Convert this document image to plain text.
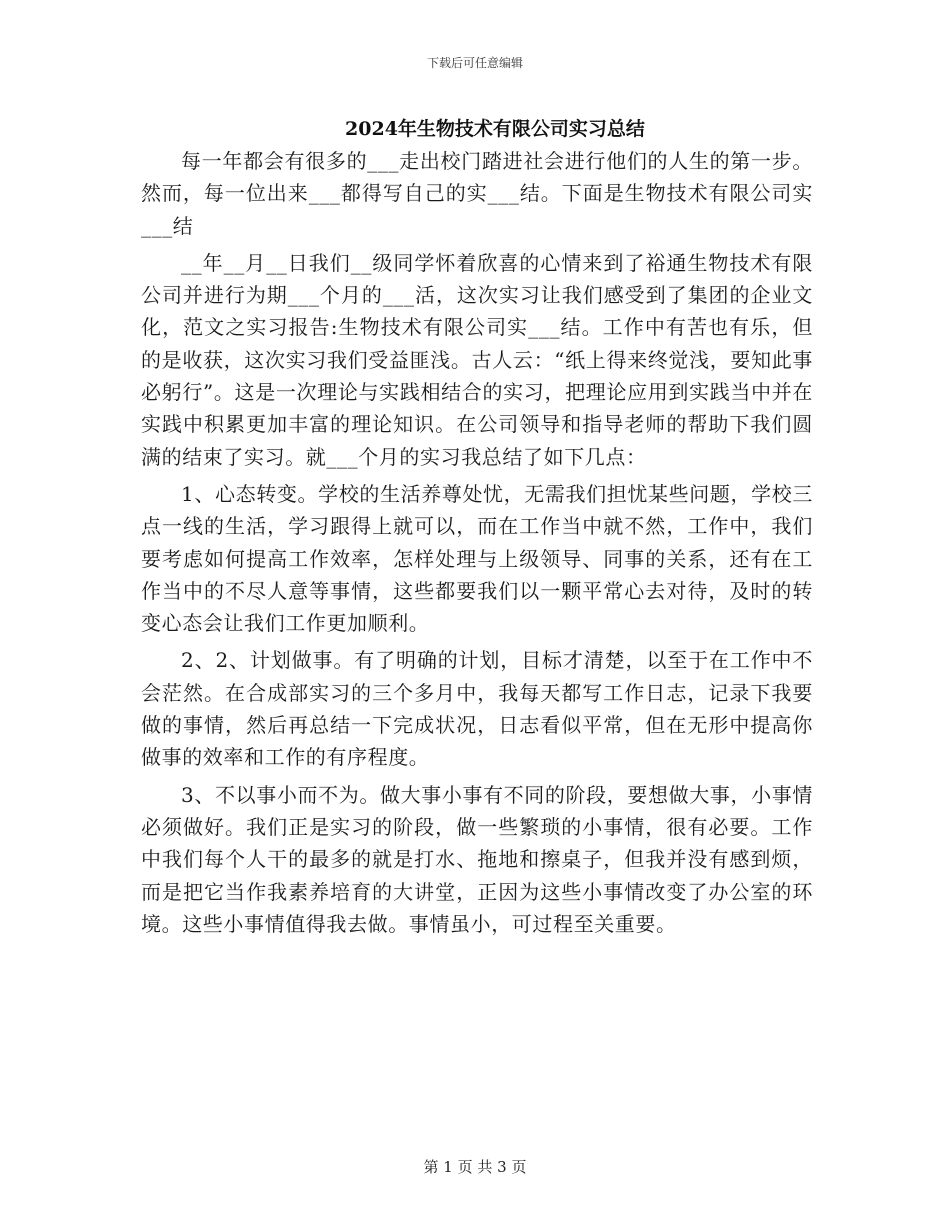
下载后可任意编辑
2024年生物技术有限公司实习总结

每一年都会有很多的___走出校门踏进社会进行他们的人生的第一步。然而，每一位出来___都得写自己的实___结。下面是生物技术有限公司实___结

__年__月__日我们__级同学怀着欣喜的心情来到了裕通生物技术有限公司并进行为期___个月的___活，这次实习让我们感受到了集团的企业文化，范文之实习报告:生物技术有限公司实___结。工作中有苦也有乐，但的是收获，这次实习我们受益匪浅。古人云：“纸上得来终觉浅，要知此事必躬行”。这是一次理论与实践相结合的实习，把理论应用到实践当中并在实践中积累更加丰富的理论知识。在公司领导和指导老师的帮助下我们圆满的结束了实习。就___个月的实习我总结了如下几点：

1、心态转变。学校的生活养尊处忧，无需我们担忧某些问题，学校三点一线的生活，学习跟得上就可以，而在工作当中就不然，工作中，我们要考虑如何提高工作效率，怎样处理与上级领导、同事的关系，还有在工作当中的不尽人意等事情，这些都要我们以一颗平常心去对待，及时的转变心态会让我们工作更加顺利。

2、2、计划做事。有了明确的计划，目标才清楚，以至于在工作中不会茫然。在合成部实习的三个多月中，我每天都写工作日志，记录下我要做的事情，然后再总结一下完成状况，日志看似平常，但在无形中提高你做事的效率和工作的有序程度。

3、不以事小而不为。做大事小事有不同的阶段，要想做大事，小事情必须做好。我们正是实习的阶段，做一些繁琐的小事情，很有必要。工作中我们每个人干的最多的就是打水、拖地和擦桌子，但我并没有感到烦，而是把它当作我素养培育的大讲堂，正因为这些小事情改变了办公室的环境。这些小事情值得我去做。事情虽小，可过程至关重要。

第 1 页 共 3 页
